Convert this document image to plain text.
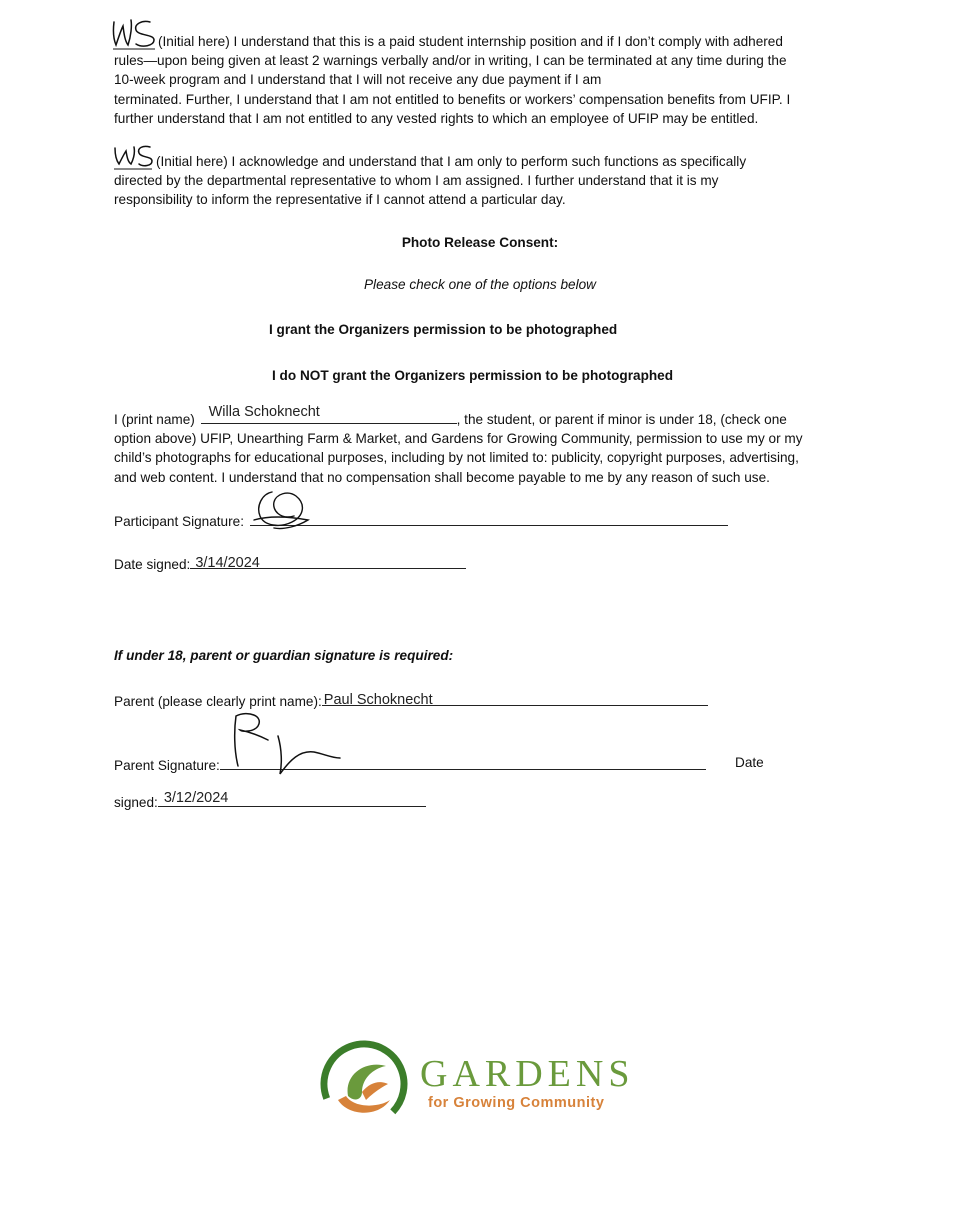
(Initial here) I understand that this is a paid student internship position and if I don’t comply with adhered
rules—upon being given at least 2 warnings verbally and/or in writing, I can be terminated at any time during the
10-week program and I understand that I will not receive any due payment if I am
terminated. Further, I understand that I am not entitled to benefits or workers’ compensation benefits from UFIP. I
further understand that I am not entitled to any vested rights to which an employee of UFIP may be entitled.
(Initial here) I acknowledge and understand that I am only to perform such functions as specifically
directed by the departmental representative to whom I am assigned. I further understand that it is my
responsibility to inform the representative if I cannot attend a particular day.
Photo Release Consent:
Please check one of the options below
I grant the Organizers permission to be photographed
I do NOT grant the Organizers permission to be photographed
I (print name) Willa Schoknecht	, the student, or parent if minor is under 18, (check one
option above) UFIP, Unearthing Farm & Market, and Gardens for Growing Community, permission to use my or my
child’s photographs for educational purposes, including by not limited to: publicity, copyright purposes, advertising,
and web content. I understand that no compensation shall become payable to me by any reason of such use.
Participant Signature:
Date signed: 3/14/2024
If under 18, parent or guardian signature is required:
Parent (please clearly print name): Paul Schoknecht
Parent Signature:	Date
signed: 3/12/2024
GARDENS
for Growing Community
